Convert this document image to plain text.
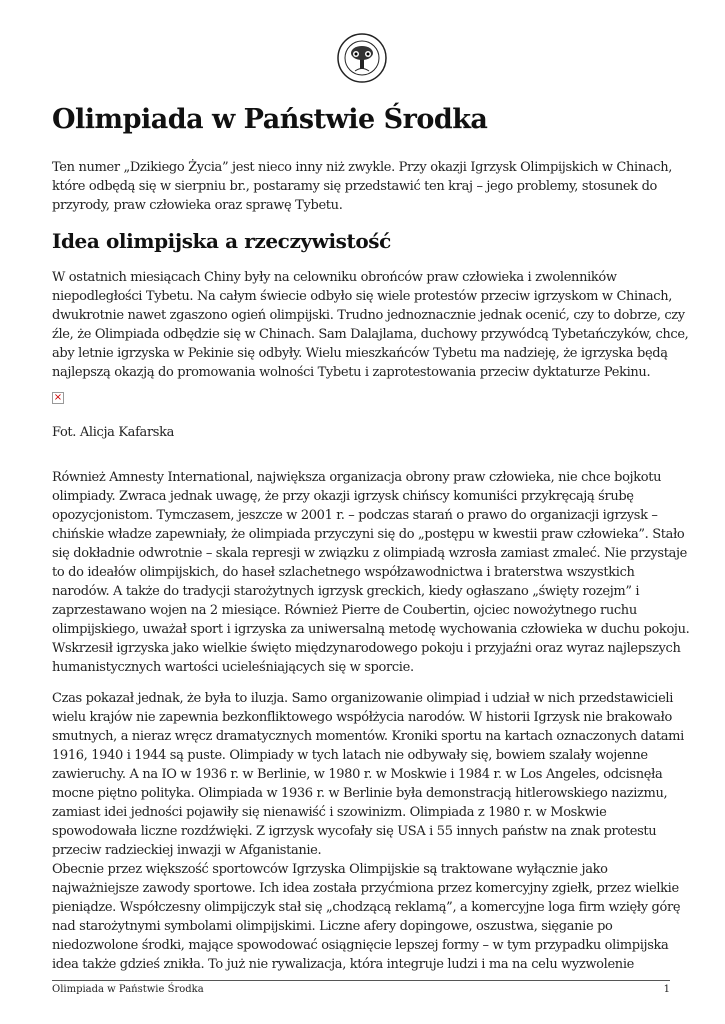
Olimpiada w Państwie Środka
Ten numer „Dzikiego Życia” jest nieco inny niż zwykle. Przy okazji Igrzysk Olimpijskich w Chinach,
które odbędą się w sierpniu br., postaramy się przedstawić ten kraj – jego problemy, stosunek do
przyrody, praw człowieka oraz sprawę Tybetu.
Idea olimpijska a rzeczywistość
W ostatnich miesiącach Chiny były na celowniku obrońców praw człowieka i zwolenników
niepodległości Tybetu. Na całym świecie odbyło się wiele protestów przeciw igrzyskom w Chinach,
dwukrotnie nawet zgaszono ogień olimpijski. Trudno jednoznacznie jednak ocenić, czy to dobrze, czy
źle, że Olimpiada odbędzie się w Chinach. Sam Dalajlama, duchowy przywódcą Tybetańczyków, chce,
aby letnie igrzyska w Pekinie się odbyły. Wielu mieszkańców Tybetu ma nadzieję, że igrzyska będą
najlepszą okazją do promowania wolności Tybetu i zaprotestowania przeciw dyktaturze Pekinu.
×
Fot. Alicja Kafarska
Również Amnesty International, największa organizacja obrony praw człowieka, nie chce bojkotu
olimpiady. Zwraca jednak uwagę, że przy okazji igrzysk chińscy komuniści przykręcają śrubę
opozycjonistom. Tymczasem, jeszcze w 2001 r. – podczas starań o prawo do organizacji igrzysk –
chińskie władze zapewniały, że olimpiada przyczyni się do „postępu w kwestii praw człowieka”. Stało
się dokładnie odwrotnie – skala represji w związku z olimpiadą wzrosła zamiast zmaleć. Nie przystaje
to do ideałów olimpijskich, do haseł szlachetnego współzawodnictwa i braterstwa wszystkich
narodów. A także do tradycji starożytnych igrzysk greckich, kiedy ogłaszano „święty rozejm” i
zaprzestawano wojen na 2 miesiące. Również Pierre de Coubertin, ojciec nowożytnego ruchu
olimpijskiego, uważał sport i igrzyska za uniwersalną metodę wychowania człowieka w duchu pokoju.
Wskrzesił igrzyska jako wielkie święto międzynarodowego pokoju i przyjaźni oraz wyraz najlepszych
humanistycznych wartości ucieleśniających się w sporcie.
Czas pokazał jednak, że była to iluzja. Samo organizowanie olimpiad i udział w nich przedstawicieli
wielu krajów nie zapewnia bezkonfliktowego współżycia narodów. W historii Igrzysk nie brakowało
smutnych, a nieraz wręcz dramatycznych momentów. Kroniki sportu na kartach oznaczonych datami
1916, 1940 i 1944 są puste. Olimpiady w tych latach nie odbywały się, bowiem szalały wojenne
zawieruchy. A na IO w 1936 r. w Berlinie, w 1980 r. w Moskwie i 1984 r. w Los Angeles, odcisnęła
mocne piętno polityka. Olimpiada w 1936 r. w Berlinie była demonstracją hitlerowskiego nazizmu,
zamiast idei jedności pojawiły się nienawiść i szowinizm. Olimpiada z 1980 r. w Moskwie
spowodowała liczne rozdźwięki. Z igrzysk wycofały się USA i 55 innych państw na znak protestu
przeciw radzieckiej inwazji w Afganistanie.
Obecnie przez większość sportowców Igrzyska Olimpijskie są traktowane wyłącznie jako
najważniejsze zawody sportowe. Ich idea została przyćmiona przez komercyjny zgiełk, przez wielkie
pieniądze. Współczesny olimpijczyk stał się „chodzącą reklamą”, a komercyjne loga firm wzięły górę
nad starożytnymi symbolami olimpijskimi. Liczne afery dopingowe, oszustwa, sięganie po
niedozwolone środki, mające spowodować osiągnięcie lepszej formy – w tym przypadku olimpijska
idea także gdzieś znikła. To już nie rywalizacja, która integruje ludzi i ma na celu wyzwolenie
Olimpiada w Państwie Środka	1
